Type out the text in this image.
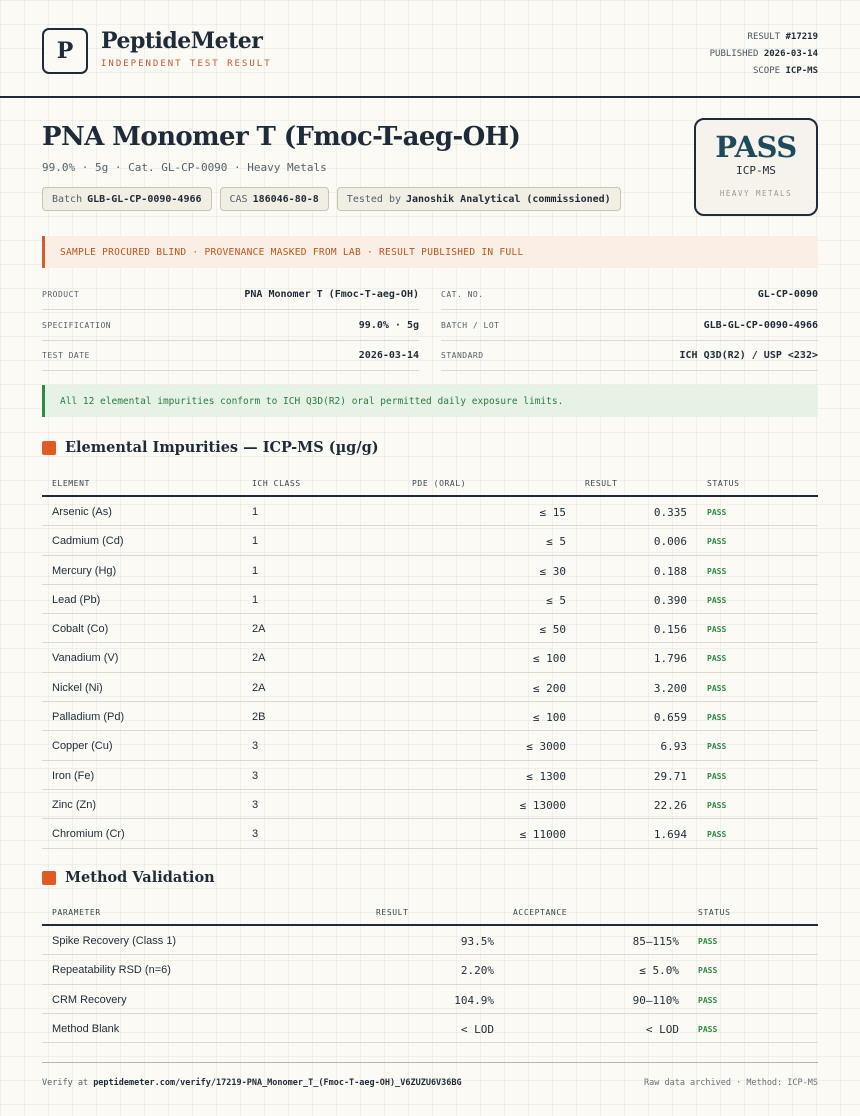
P	PeptideMeter
INDEPENDENT TEST RESULT
RESULT #17219
PUBLISHED 2026-03-14
SCOPE ICP-MS
PNA Monomer T (Fmoc-T-aeg-OH)
99.0% · 5g · Cat. GL-CP-0090 · Heavy Metals
Batch GLB-GL-CP-0090-4966	CAS 186046-80-8	Tested by Janoshik Analytical (commissioned)
PASS
ICP-MS
HEAVY METALS
SAMPLE PROCURED BLIND · PROVENANCE MASKED FROM LAB · RESULT PUBLISHED IN FULL
PRODUCT	PNA Monomer T (Fmoc-T-aeg-OH)	CAT. NO.	GL-CP-0090
SPECIFICATION	99.0% · 5g	BATCH / LOT	GLB-GL-CP-0090-4966
TEST DATE	2026-03-14	STANDARD	ICH Q3D(R2) / USP <232>
All 12 elemental impurities conform to ICH Q3D(R2) oral permitted daily exposure limits.
Elemental Impurities — ICP-MS (µg/g)
ELEMENT	ICH CLASS	PDE (ORAL)	RESULT	STATUS
Arsenic (As)	1	≤ 15	0.335	PASS
Cadmium (Cd)	1	≤ 5	0.006	PASS
Mercury (Hg)	1	≤ 30	0.188	PASS
Lead (Pb)	1	≤ 5	0.390	PASS
Cobalt (Co)	2A	≤ 50	0.156	PASS
Vanadium (V)	2A	≤ 100	1.796	PASS
Nickel (Ni)	2A	≤ 200	3.200	PASS
Palladium (Pd)	2B	≤ 100	0.659	PASS
Copper (Cu)	3	≤ 3000	6.93	PASS
Iron (Fe)	3	≤ 1300	29.71	PASS
Zinc (Zn)	3	≤ 13000	22.26	PASS
Chromium (Cr)	3	≤ 11000	1.694	PASS
Method Validation
PARAMETER	RESULT	ACCEPTANCE	STATUS
Spike Recovery (Class 1)	93.5%	85–115% PASS
Repeatability RSD (n=6)	2.20%	≤ 5.0% PASS
CRM Recovery	104.9%	90–110% PASS
Method Blank	< LOD	< LOD PASS
Verify at peptidemeter.com/verify/17219-PNA_Monomer_T_(Fmoc-T-aeg-OH)_V6ZUZU6V36BG	Raw data archived · Method: ICP-MS
